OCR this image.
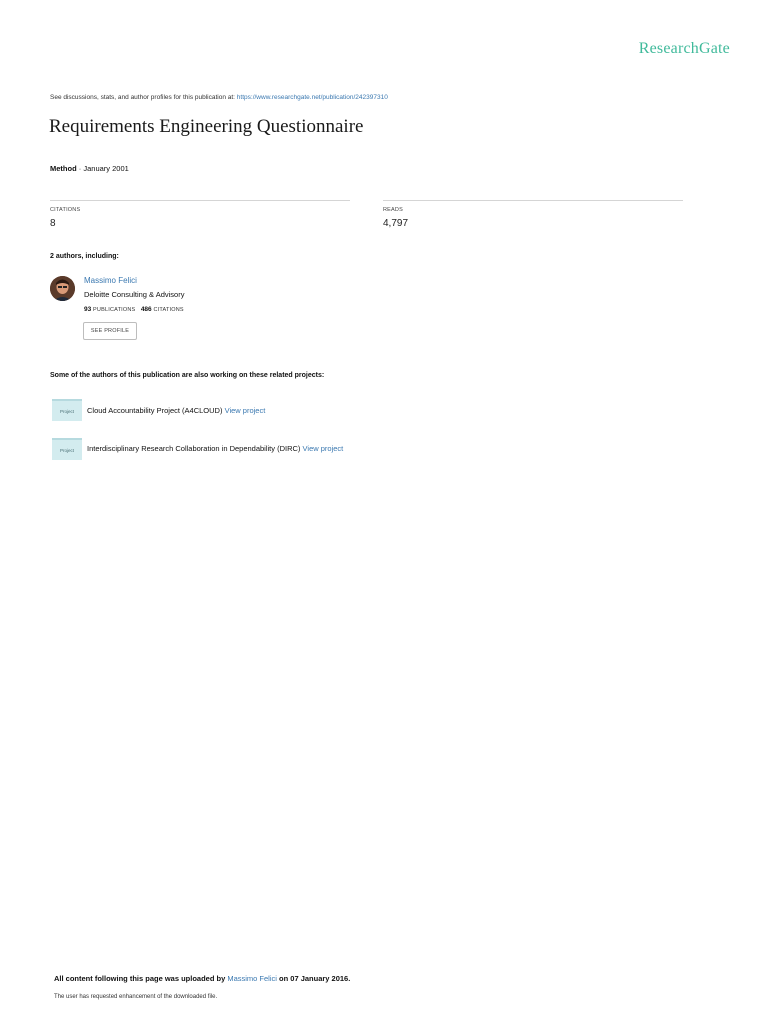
ResearchGate
See discussions, stats, and author profiles for this publication at: https://www.researchgate.net/publication/242397310
Requirements Engineering Questionnaire
Method · January 2001
CITATIONS
8
READS
4,797
2 authors, including:
Massimo Felici
Deloitte Consulting & Advisory
93 PUBLICATIONS 486 CITATIONS
SEE PROFILE
Some of the authors of this publication are also working on these related projects:
Project	Cloud Accountability Project (A4CLOUD) View project
Project	Interdisciplinary Research Collaboration in Dependability (DIRC) View project
All content following this page was uploaded by Massimo Felici on 07 January 2016.
The user has requested enhancement of the downloaded file.
